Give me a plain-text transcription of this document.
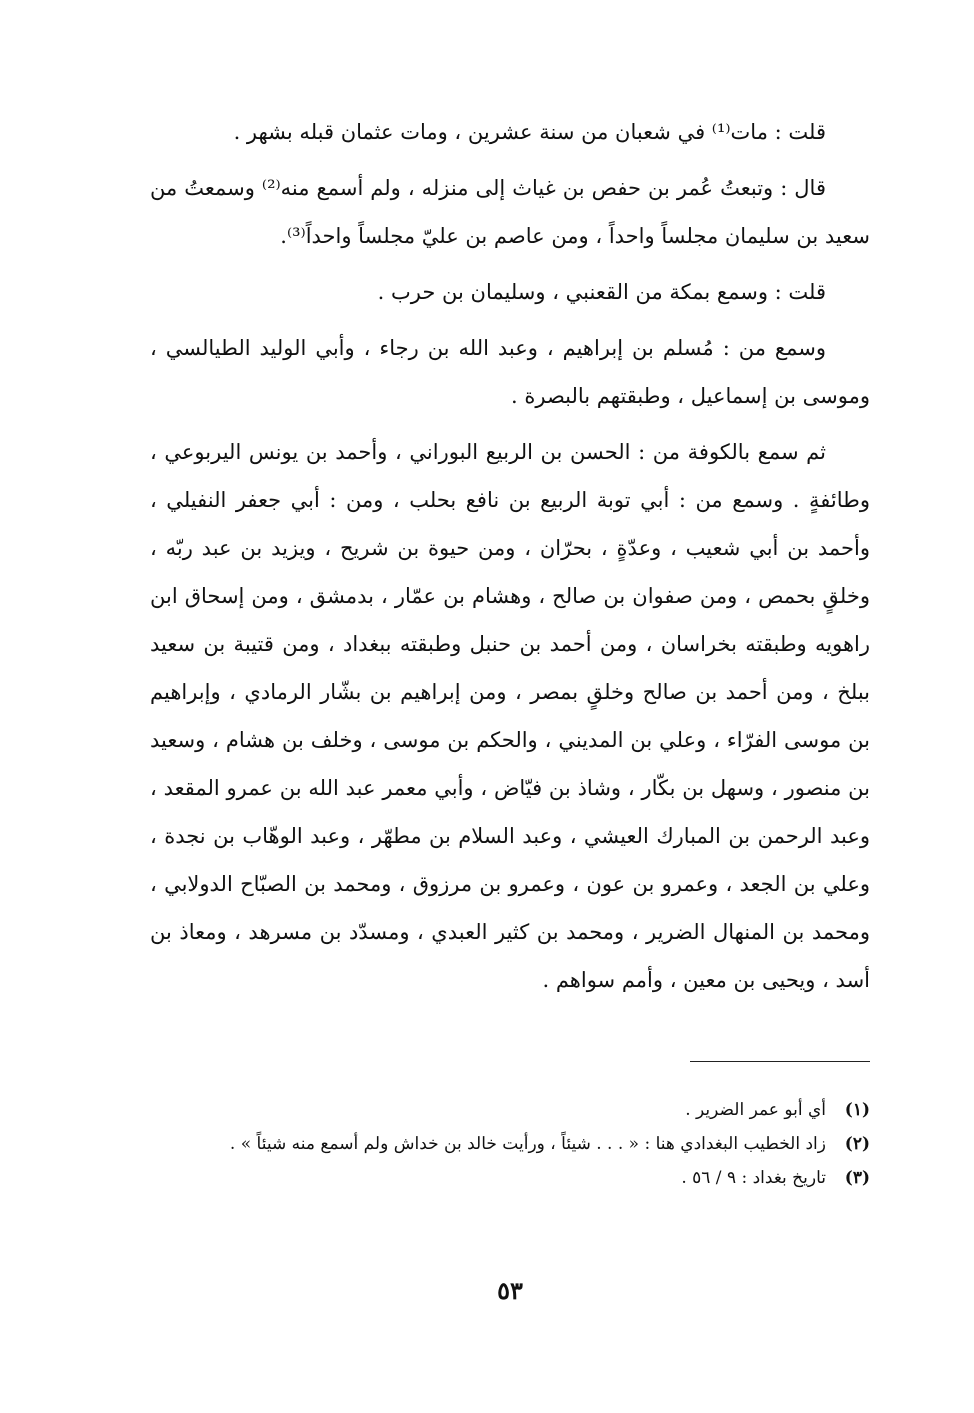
قلت : مات⁽¹⁾ في شعبان من سنة عشرين ، ومات عثمان قبله بشهر .

قال : وتبعتُ عُمر بن حفص بن غياث إلى منزله ، ولم أسمع منه⁽²⁾ وسمعتُ من سعيد بن سليمان مجلساً واحداً ، ومن عاصم بن عليّ مجلساً واحداً⁽³⁾.

قلت : وسمع بمكة من القعنبي ، وسليمان بن حرب .

وسمع من : مُسلم بن إبراهيم ، وعبد الله بن رجاء ، وأبي الوليد الطيالسي ، وموسى بن إسماعيل ، وطبقتهم بالبصرة .

ثم سمع بالكوفة من : الحسن بن الربيع البوراني ، وأحمد بن يونس اليربوعي ، وطائفةٍ . وسمع من : أبي توبة الربيع بن نافع بحلب ، ومن : أبي جعفر النفيلي ، وأحمد بن أبي شعيب ، وعدّةٍ ، بحرّان ، ومن حيوة بن شريح ، ويزيد بن عبد ربّه ، وخلقٍ بحمص ، ومن صفوان بن صالح ، وهشام بن عمّار ، بدمشق ، ومن إسحاق ابن راهويه وطبقته بخراسان ، ومن أحمد بن حنبل وطبقته ببغداد ، ومن قتيبة بن سعيد ببلخ ، ومن أحمد بن صالح وخلقٍ بمصر ، ومن إبراهيم بن بشّار الرمادي ، وإبراهيم بن موسى الفرّاء ، وعلي بن المديني ، والحكم بن موسى ، وخلف بن هشام ، وسعيد بن منصور ، وسهل بن بكّار ، وشاذ بن فيّاض ، وأبي معمر عبد الله بن عمرو المقعد ، وعبد الرحمن بن المبارك العيشي ، وعبد السلام بن مطهّر ، وعبد الوهّاب بن نجدة ، وعلي بن الجعد ، وعمرو بن عون ، وعمرو بن مرزوق ، ومحمد بن الصبّاح الدولابي ، ومحمد بن المنهال الضرير ، ومحمد بن كثير العبدي ، ومسدّد بن مسرهد ، ومعاذ بن أسد ، ويحيى بن معين ، وأمم سواهم .

(١)
أي أبو عمر الضرير .
(٢)
زاد الخطيب البغدادي هنا : « . . . شيئاً ، ورأيت خالد بن خداش ولم أسمع منه شيئاً » .
(٣)
تاريخ بغداد : ٩ / ٥٦ .
٥٣
